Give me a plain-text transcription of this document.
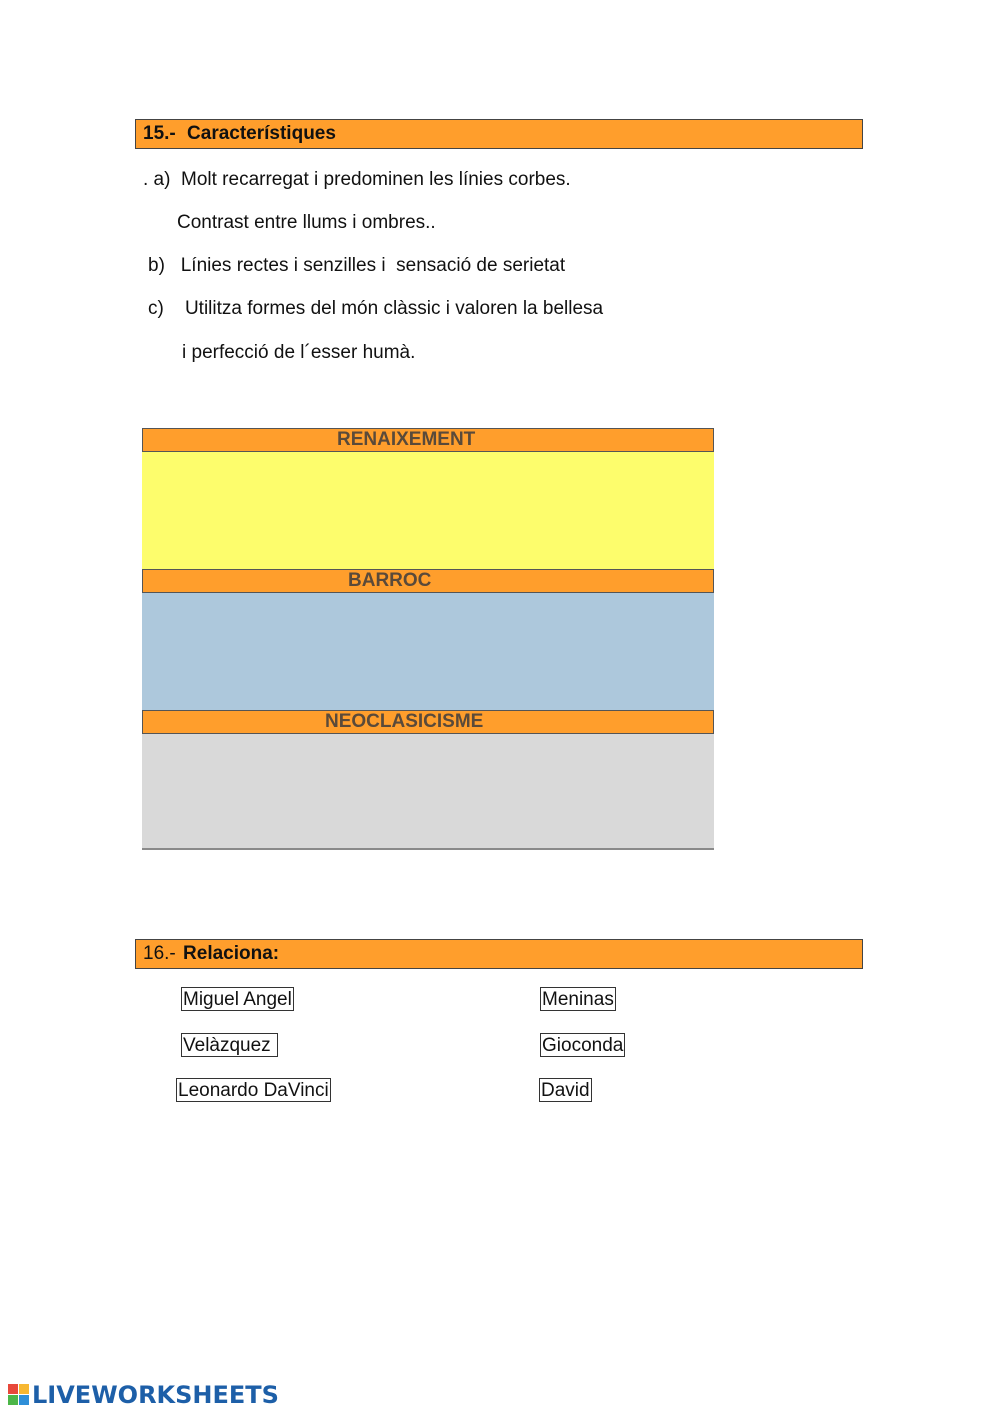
15.- Característiques
. a)  Molt recarregat i predominen les línies corbes.
Contrast entre llums i ombres..
b)   Línies rectes i senzilles i  sensació de serietat
c)    Utilitza formes del món clàssic i valoren la bellesa
i perfecció de l´esser humà.
RENAIXEMENT
BARROC
NEOCLASICISME
16.- Relaciona:
Miguel Angel
Velàzquez
Leonardo DaVinci
Meninas
Gioconda
David
LIVEWORKSHEETS
